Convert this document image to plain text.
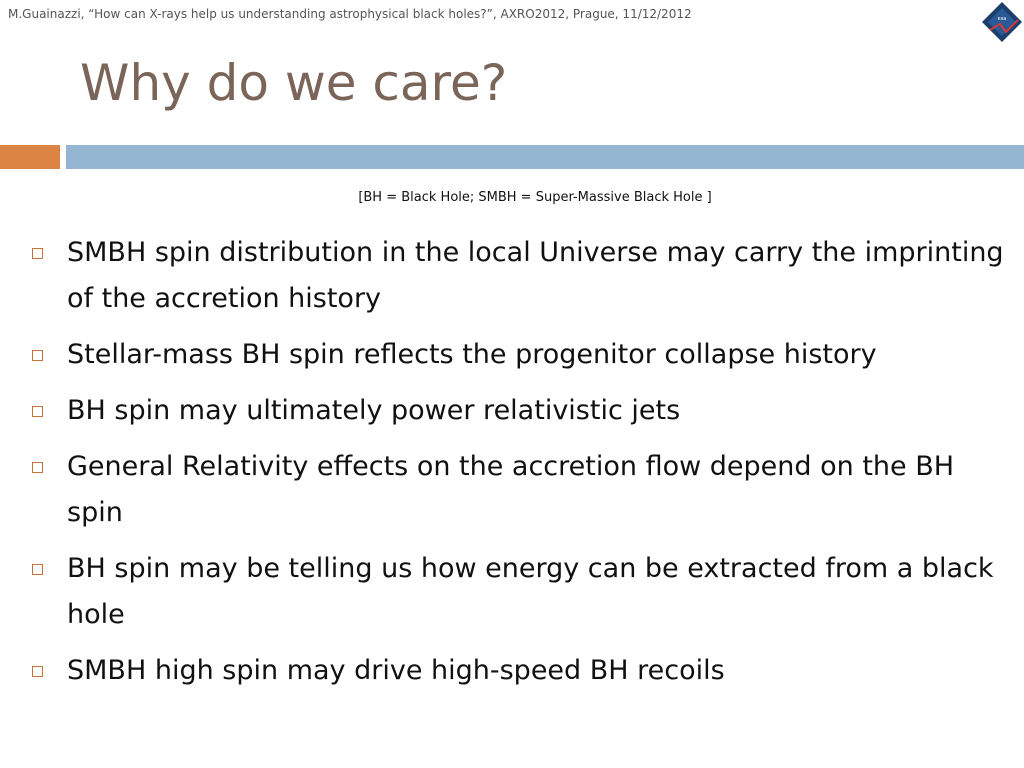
M.Guainazzi, “How can X-rays help us understanding astrophysical black holes?”, AXRO2012, Prague, 11/12/2012	esa
Why do we care?
[BH = Black Hole; SMBH = Super-Massive Black Hole ]
SMBH spin distribution in the local Universe may carry the imprinting of the accretion history
Stellar-mass BH spin reflects the progenitor collapse history
BH spin may ultimately power relativistic jets
General Relativity effects on the accretion flow depend on the BH spin
BH spin may be telling us how energy can be extracted from a black hole
SMBH high spin may drive high-speed BH recoils
